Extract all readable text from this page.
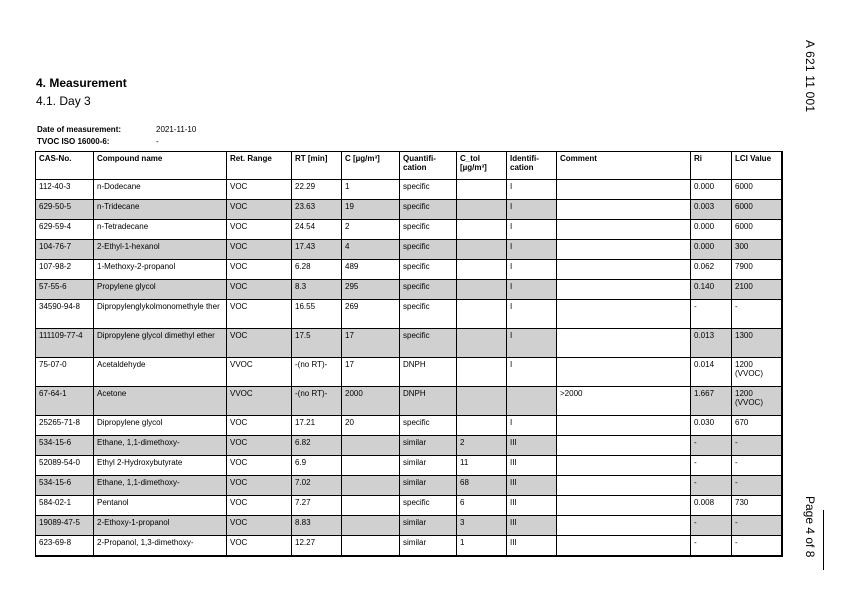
4. Measurement
4.1. Day 3
Date of measurement:	2021-11-10
TVOC ISO 16000-6:	-
CAS-No.	Compound name	Ret. Range	RT [min]	C [µg/m³]	Quantifi-cation	C_tol [µg/m³]	Identifi-cation	Comment	Ri	LCI Value
112-40-3	n-Dodecane	VOC	22.29	1	specific		I		0.000	6000
629-50-5	n-Tridecane	VOC	23.63	19	specific		I		0.003	6000
629-59-4	n-Tetradecane	VOC	24.54	2	specific		I		0.000	6000
104-76-7	2-Ethyl-1-hexanol	VOC	17.43	4	specific		I		0.000	300
107-98-2	1-Methoxy-2-propanol	VOC	6.28	489	specific		I		0.062	7900
57-55-6	Propylene glycol	VOC	8.3	295	specific		I		0.140	2100
34590-94-8	Dipropylenglykolmonomethyle ther	VOC	16.55	269	specific		I		-	-
111109-77-4	Dipropylene glycol dimethyl ether	VOC	17.5	17	specific		I		0.013	1300
75-07-0	Acetaldehyde	VVOC	-(no RT)-	17	DNPH		I		0.014	1200 (VVOC)
67-64-1	Acetone	VVOC	-(no RT)-	2000	DNPH			>2000	1.667	1200 (VVOC)
25265-71-8	Dipropylene glycol	VOC	17.21	20	specific		I		0.030	670
534-15-6	Ethane, 1,1-dimethoxy-	VOC	6.82		similar	2	III		-	-
52089-54-0	Ethyl 2-Hydroxybutyrate	VOC	6.9		similar	11	III		-	-
534-15-6	Ethane, 1,1-dimethoxy-	VOC	7.02		similar	68	III		-	-
584-02-1	Pentanol	VOC	7.27		specific	6	III		0.008	730
19089-47-5	2-Ethoxy-1-propanol	VOC	8.83		similar	3	III		-	-
623-69-8	2-Propanol, 1,3-dimethoxy-	VOC	12.27		similar	1	III		-	-
A 621 11 001
Page 4 of 8
